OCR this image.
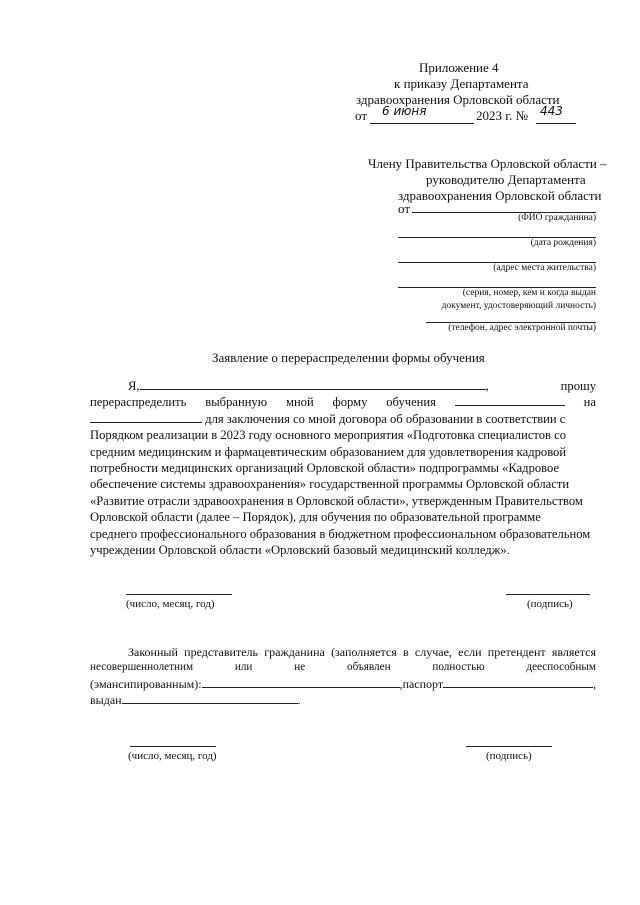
Приложение 4
к приказу Департамента
здравоохранения Орловской области
от 6 июня	2023 г. № 443
Члену Правительства Орловской области –
руководителю Департамента
здравоохранения Орловской области
от
(ФИО гражданина)
(дата рождения)
(адрес места жительства)
(серия, номер, кем и когда выдан
документ, удостоверяющий личность)
(телефон, адрес электронной почты)
Заявление о перераспределении формы обучения
Я,	,	прошу
перераспределить выбранную мной форму обучения	на
для заключения со мной договора об образовании в соответствии с
Порядком реализации в 2023 году основного мероприятия «Подготовка специалистов со
средним медицинским и фармацевтическим образованием для удовлетворения кадровой
потребности медицинских организаций Орловской области» подпрограммы «Кадровое
обеспечение системы здравоохранения» государственной программы Орловской области
«Развитие отрасли здравоохранения в Орловской области», утвержденным Правительством
Орловской области (далее – Порядок), для обучения по образовательной программе
среднего профессионального образования в бюджетном профессиональном образовательном
учреждении Орловской области «Орловский базовый медицинский колледж».
(число, месяц, год)	(подпись)
Законный представитель гражданина (заполняется в случае, если претендент является
несовершеннолетним	или	не	объявлен	полностью	дееспособным
(эмансипированным):	, паспорт	,
выдан	.
(число, месяц, год)	(подпись)
